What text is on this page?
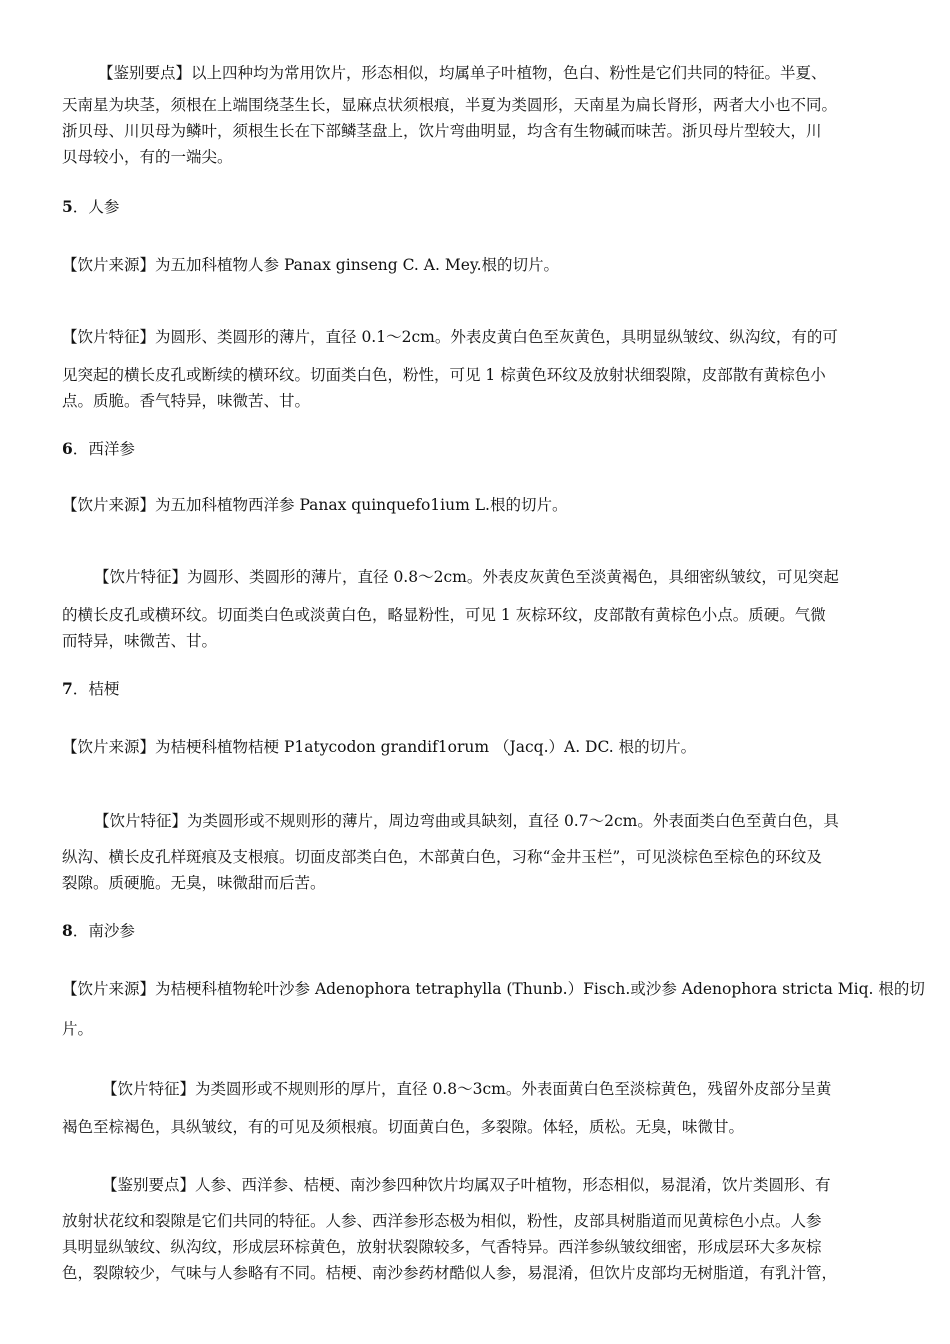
【鉴别要点】以上四种均为常用饮片，形态相似，均属单子叶植物，色白、粉性是它们共同的特征。半夏、
天南星为块茎，须根在上端围绕茎生长，显麻点状须根痕，半夏为类圆形，天南星为扁长肾形，两者大小也不同。
浙贝母、川贝母为鳞叶，须根生长在下部鳞茎盘上，饮片弯曲明显，均含有生物碱而味苦。浙贝母片型较大，川
贝母较小，有的一端尖。
5．人参
【饮片来源】为五加科植物人参 Panax ginseng C. A. Mey.根的切片。
【饮片特征】为圆形、类圆形的薄片，直径 0.1～2cm。外表皮黄白色至灰黄色，具明显纵皱纹、纵沟纹，有的可
见突起的横长皮孔或断续的横环纹。切面类白色，粉性，可见 1 棕黄色环纹及放射状细裂隙，皮部散有黄棕色小
点。质脆。香气特异，味微苦、甘。
6．西洋参
【饮片来源】为五加科植物西洋参 Panax quinquefo1ium L.根的切片。
【饮片特征】为圆形、类圆形的薄片，直径 0.8～2cm。外表皮灰黄色至淡黄褐色，具细密纵皱纹，可见突起
的横长皮孔或横环纹。切面类白色或淡黄白色，略显粉性，可见 1 灰棕环纹，皮部散有黄棕色小点。质硬。气微
而特异，味微苦、甘。
7．桔梗
【饮片来源】为桔梗科植物桔梗 P1atycodon grandif1orum （Jacq.）A. DC. 根的切片。
【饮片特征】为类圆形或不规则形的薄片，周边弯曲或具缺刻，直径 0.7～2cm。外表面类白色至黄白色，具
纵沟、横长皮孔样斑痕及支根痕。切面皮部类白色，木部黄白色，习称“金井玉栏”，可见淡棕色至棕色的环纹及
裂隙。质硬脆。无臭，味微甜而后苦。
8．南沙参
【饮片来源】为桔梗科植物轮叶沙参 Adenophora tetraphylla (Thunb.）Fisch.或沙参 Adenophora stricta Miq. 根的切
片。
【饮片特征】为类圆形或不规则形的厚片，直径 0.8～3cm。外表面黄白色至淡棕黄色，残留外皮部分呈黄
褐色至棕褐色，具纵皱纹，有的可见及须根痕。切面黄白色，多裂隙。体轻，质松。无臭，味微甘。
【鉴别要点】人参、西洋参、桔梗、南沙参四种饮片均属双子叶植物，形态相似，易混淆，饮片类圆形、有
放射状花纹和裂隙是它们共同的特征。人参、西洋参形态极为相似，粉性，皮部具树脂道而见黄棕色小点。人参
具明显纵皱纹、纵沟纹，形成层环棕黄色，放射状裂隙较多，气香特异。西洋参纵皱纹细密，形成层环大多灰棕
色，裂隙较少，气味与人参略有不同。桔梗、南沙参药材酷似人参，易混淆，但饮片皮部均无树脂道，有乳汁管，
